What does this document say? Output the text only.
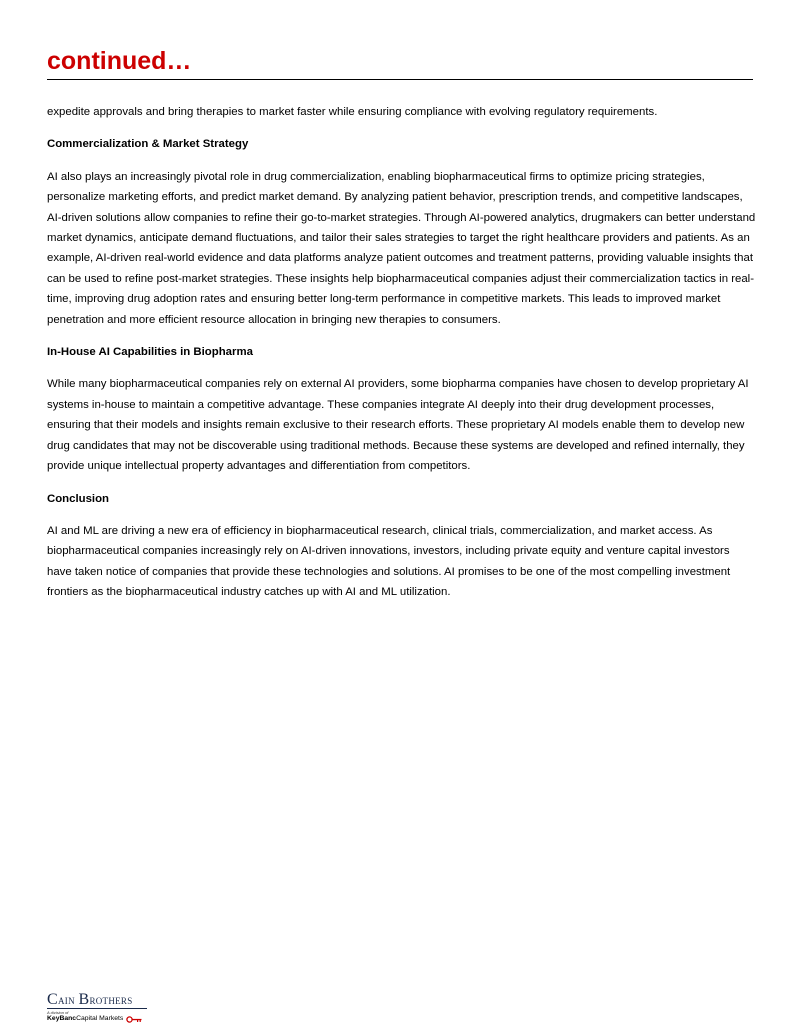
continued…

expedite approvals and bring therapies to market faster while ensuring compliance with evolving regulatory requirements.

Commercialization & Market Strategy

AI also plays an increasingly pivotal role in drug commercialization, enabling biopharmaceutical firms to optimize pricing strategies, personalize marketing efforts, and predict market demand. By analyzing patient behavior, prescription trends, and competitive landscapes, AI-driven solutions allow companies to refine their go-to-market strategies. Through AI-powered analytics, drugmakers can better understand market dynamics, anticipate demand fluctuations, and tailor their sales strategies to target the right healthcare providers and patients. As an example, AI-driven real-world evidence and data platforms analyze patient outcomes and treatment patterns, providing valuable insights that can be used to refine post-market strategies. These insights help biopharmaceutical companies adjust their commercialization tactics in real-time, improving drug adoption rates and ensuring better long-term performance in competitive markets. This leads to improved market penetration and more efficient resource allocation in bringing new therapies to consumers.

In-House AI Capabilities in Biopharma

While many biopharmaceutical companies rely on external AI providers, some biopharma companies have chosen to develop proprietary AI systems in-house to maintain a competitive advantage. These companies integrate AI deeply into their drug development processes, ensuring that their models and insights remain exclusive to their research efforts. These proprietary AI models enable them to develop new drug candidates that may not be discoverable using traditional methods. Because these systems are developed and refined internally, they provide unique intellectual property advantages and differentiation from competitors.

Conclusion

AI and ML are driving a new era of efficiency in biopharmaceutical research, clinical trials, commercialization, and market access. As biopharmaceutical companies increasingly rely on AI-driven innovations, investors, including private equity and venture capital investors have taken notice of companies that provide these technologies and solutions. AI promises to be one of the most compelling investment frontiers as the biopharmaceutical industry catches up with AI and ML utilization.

Cain Brothers
A division of
KeyBanc Capital Markets
